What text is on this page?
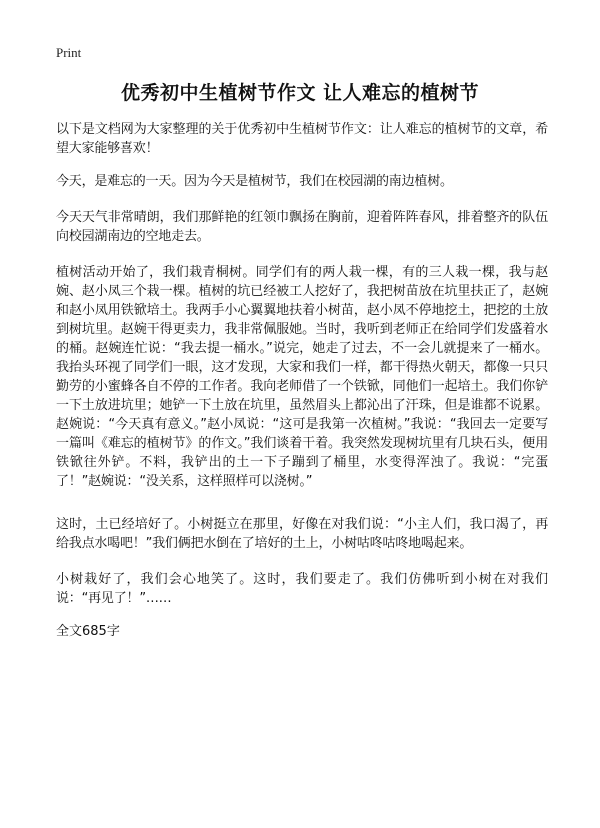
Print
优秀初中生植树节作文 让人难忘的植树节

以下是文档网为大家整理的关于优秀初中生植树节作文：让人难忘的植树节的文章，希望大家能够喜欢！

今天，是难忘的一天。因为今天是植树节，我们在校园湖的南边植树。

今天天气非常晴朗，我们那鲜艳的红领巾飘扬在胸前，迎着阵阵春风，排着整齐的队伍向校园湖南边的空地走去。

植树活动开始了，我们栽青桐树。同学们有的两人栽一棵，有的三人栽一棵，我与赵婉、赵小凤三个栽一棵。植树的坑已经被工人挖好了，我把树苗放在坑里扶正了，赵婉和赵小凤用铁锨培土。我两手小心翼翼地扶着小树苗，赵小凤不停地挖土，把挖的土放到树坑里。赵婉干得更卖力，我非常佩服她。当时，我听到老师正在给同学们发盛着水的桶。赵婉连忙说：“我去提一桶水。”说完，她走了过去，不一会儿就提来了一桶水。我抬头环视了同学们一眼，这才发现，大家和我们一样，都干得热火朝天，都像一只只勤劳的小蜜蜂各自不停的工作者。我向老师借了一个铁锨，同他们一起培土。我们你铲一下土放进坑里；她铲一下土放在坑里，虽然眉头上都沁出了汗珠，但是谁都不说累。赵婉说：“今天真有意义。”赵小凤说：“这可是我第一次植树。”我说：“我回去一定要写一篇叫《难忘的植树节》的作文。”我们谈着干着。我突然发现树坑里有几块石头，便用铁锨往外铲。不料，我铲出的土一下子蹦到了桶里，水变得浑浊了。我说：“完蛋了！”赵婉说：“没关系，这样照样可以浇树。”

这时，土已经培好了。小树挺立在那里，好像在对我们说：“小主人们，我口渴了，再给我点水喝吧！”我们俩把水倒在了培好的土上，小树咕咚咕咚地喝起来。

小树栽好了，我们会心地笑了。这时，我们要走了。我们仿佛听到小树在对我们说：“再见了！”……

全文685字
